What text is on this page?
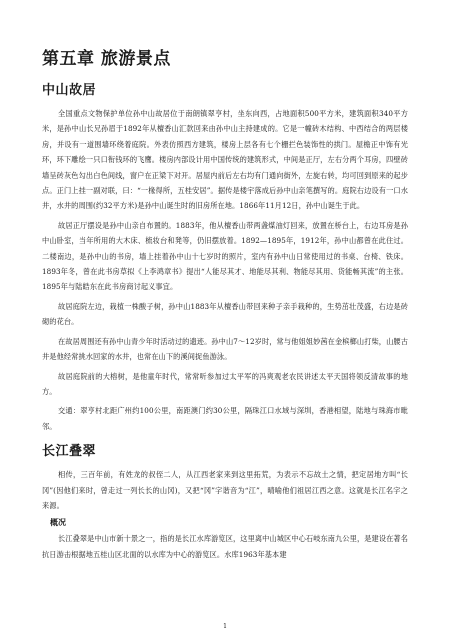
第五章 旅游景点
中山故居

全国重点文物保护单位孙中山故居位于南朗镇翠亨村，坐东向西，占地面积500平方米，建筑面积340平方米，是孙中山长兄孙眉于1892年从檀香山汇款回来由孙中山主持建成的。它是一幢砖木结构、中西结合的两层楼房，并设有一道围墙环绕着庭院。外表仿照西方建筑，楼房上层各有七个栅拦色装饰性的拱门。屋檐正中饰有光环，环下雕绘一只口衔钱环的飞鹰。楼房内部设计用中国传统的建筑形式，中间是正厅，左右分两个耳房，四壁砖墙呈砖灰色勾出白色间线，窗户在正梁下对开。居屋内前后左右均有门通向街外，左旋右转，均可回到原来的起步点。正门上挂一副对联，曰：“一椽得所，五桂安居”。据传是楼宇落成后孙中山亲笔撰写的。庭院右边设有一口水井，水井的周围(约32平方米)是孙中山诞生时的旧房所在地。1866年11月12日，孙中山诞生于此。

故居正厅摆设是孙中山亲自布置的。1883年，他从檀香山带两盏煤油灯回来，放置在桥台上，右边耳房是孙中山卧室，当年所用的大木床、梳妆台和凳等，仍旧摆放着。1892—1895年，1912年，孙中山都曾在此住过。二楼南边，是孙中山的书房，墙上挂着孙中山十七岁时的照片，室内有孙中山日常使用过的书桌、台椅、铁床。1893年冬，曾在此书房草拟《上李鸿章书》提出“人能尽其才、地能尽其利、物能尽其用、货能畅其流”的主张。1895年与陆皓东在此书房商讨起义事宜。

故居庭院左边，栽植一株酸子树，孙中山1883年从檀香山带回来种子亲手栽种的，生势茁壮茂盛，右边是砖砌的花台。

在故居周围还有孙中山青少年时活动过的遗迹。孙中山7～12岁时，常与他姐姐妙茜在金槟榔山打柴，山腰古井是他经常挑水回家的水井，也常在山下的溪间捉鱼游泳。

故居庭院前的大榕树，是他童年时代，常常听参加过太平军的冯爽观老农民讲述太平天国将领反清故事的地方。

交通：翠亨村北距广州约100公里，南距澳门约30公里，隔珠江口水域与深圳，香港相望，陆地与珠海市毗邻。

长江叠翠

相传，三百年前，有姓龙的叔侄二人，从江西老家来到这里拓荒，为表示不忘故土之情，把定居地方叫“长冈”(因他们来时，曾走过一列长长的山冈)，又把“冈”字谐音为“江”，晴喻他们祖居江西之意。这就是长江名字之来源。

概况

长江叠翠是中山市新十景之一，指的是长江水库游览区，这里离中山城区中心石岐东南九公里，是建设在著名抗日游击根据地五桂山区北面的以水库为中心的游览区。水库1963年基本建

1
